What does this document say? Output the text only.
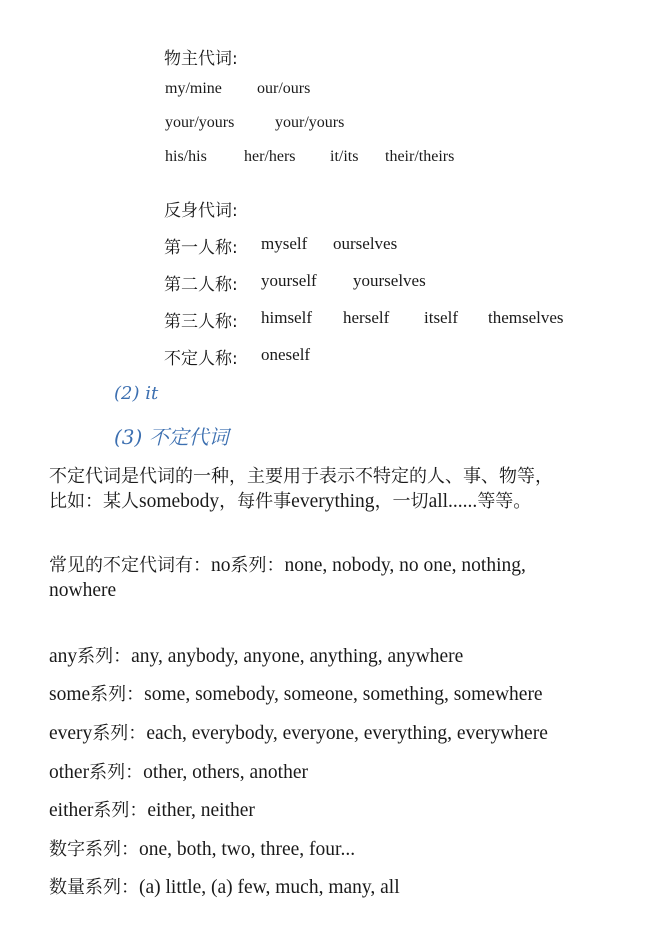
物主代词:
my/mine our/ours
your/yours	your/yours
his/his her/hers it/its their/theirs
反身代词:
第一人称: myself ourselves
第二人称: yourself yourselves
第三人称: himself herself itself themselves
不定人称: oneself
(2) it
(3) 不定代词
不定代词是代词的一种，主要用于表示不特定的人、事、物等，
比如：某人somebody，每件事everything，一切all......等等。
常见的不定代词有：no系列：none, nobody, no one, nothing,
nowhere
any系列：any, anybody, anyone, anything, anywhere
some系列：some, somebody, someone, something, somewhere
every系列：each, everybody, everyone, everything, everywhere
other系列：other, others, another
either系列：either, neither
数字系列：one, both, two, three, four...
数量系列：(a) little, (a) few, much, many, all
